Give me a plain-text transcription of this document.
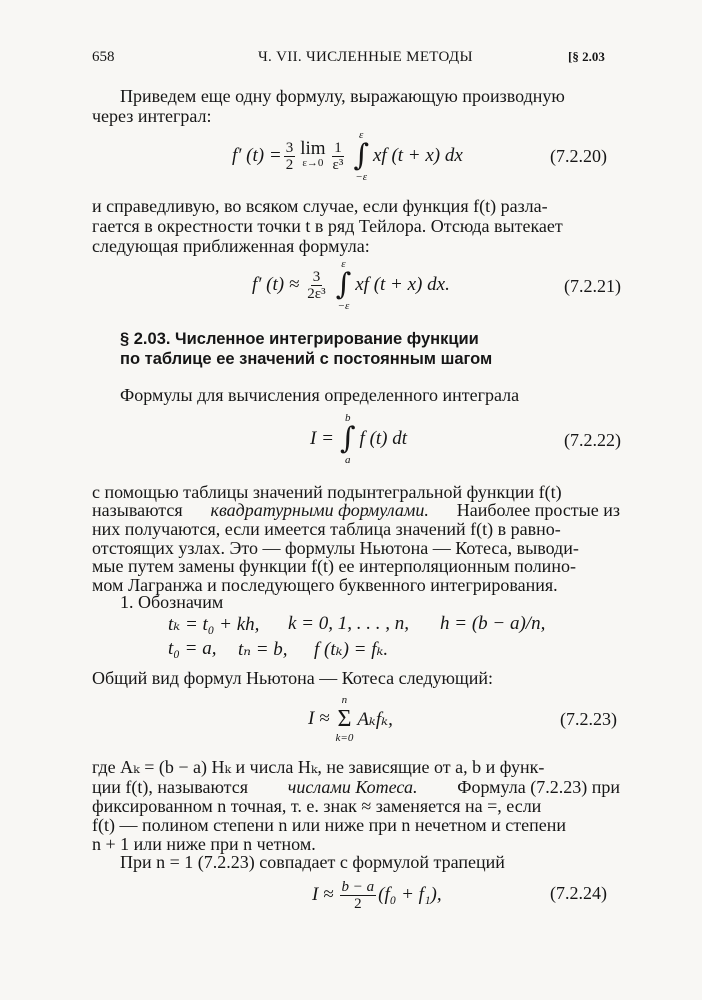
658	Ч. VII. ЧИСЛЕННЫЕ МЕТОДЫ	[§ 2.03
Приведем еще одну формулу, выражающую производную
через интеграл:
f′ $(t) = \frac{3}{2}$ lim
$\varepsilon\to 0 \frac{1}{\text{ε³}}$
ε
∫
−ε
xf (t + x) dx	(7.2.20)
и справедливую, во всяком случае, если функция f(t) разла-
гается в окрестности точки t в ряд Тейлора. Отсюда вытекает
следующая приближенная формула:
f′ $(t) \approx \frac{3}{\text{2ε³}}$
ε
∫
−ε
xf (t + x) dx.	(7.2.21)
§ 2.03. Численное интегрирование функции
по таблице ее значений с постоянным шагом
Формулы для вычисления определенного интеграла
I =
b
∫
a
f (t) dt	(7.2.22)
с помощью таблицы значений подынтегральной функции f(t)
называются квадратурными формулами. Наиболее простые из
них получаются, если имеется таблица значений f(t) в равно-
отстоящих узлах. Это — формулы Ньютона — Котеса, выводи-
мые путем замены функции f(t) ее интерполяционным полино-
мом Лагранжа и последующего буквенного интегрирования.
1. Обозначим
tₖ = t₀ + kh, k = 0, 1, . . . , n, h = (b − a)/n,
t₀ = a, tₙ = b, f (tₖ) = fₖ.
Общий вид формул Ньютона — Котеса следующий:
I ≈
n
Σ
k=0
Aₖfₖ,	(7.2.23)
где Aₖ = (b − a) Hₖ и числа Hₖ, не зависящие от a, b и функ-
ции f(t), называются числами Котеса. Формула (7.2.23) при
фиксированном n точная, т. е. знак ≈ заменяется на =, если
f(t) — полином степени n или ниже при n нечетном и степени
n + 1 или ниже при n четном.
При n = 1 (7.2.23) совпадает с формулой трапеций
$I \approx \frac{b - a}{2} (f_0 + f_1)$,	(7.2.24)
